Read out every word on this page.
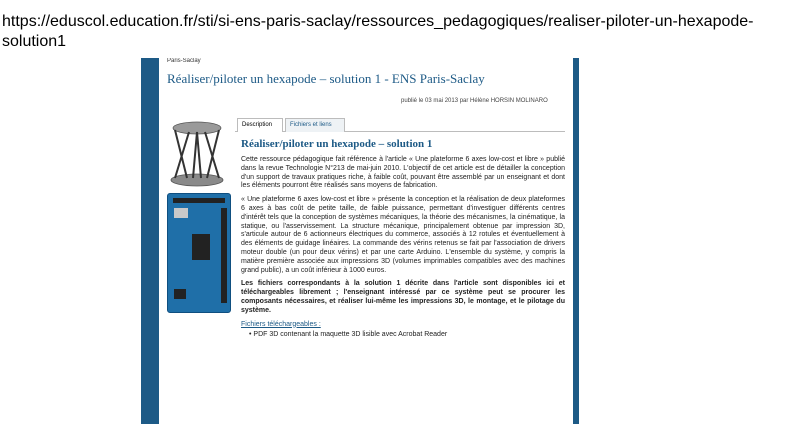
https://eduscol.education.fr/sti/si-ens-paris-saclay/ressources_pedagogiques/realiser-piloter-un-hexapode-solution1
Paris-Saclay
Réaliser/piloter un hexapode – solution 1 - ENS Paris-Saclay
publié le 03 mai 2013 par Hélène HORSIN MOLINARO
Description	Fichiers et liens
Réaliser/piloter un hexapode – solution 1

Cette ressource pédagogique fait référence à l'article « Une plateforme 6 axes low-cost et libre » publié dans la revue Technologie N°213 de mai-juin 2010. L'objectif de cet article est de détailler la conception d'un support de travaux pratiques riche, à faible coût, pouvant être assemblé par un enseignant et dont les éléments pourront être réalisés sans moyens de fabrication.

« Une plateforme 6 axes low-cost et libre » présente la conception et la réalisation de deux plateformes 6 axes à bas coût de petite taille, de faible puissance, permettant d'investiguer différents centres d'intérêt tels que la conception de systèmes mécaniques, la théorie des mécanismes, la cinématique, la statique, ou l'asservissement. La structure mécanique, principalement obtenue par impression 3D, s'articule autour de 6 actionneurs électriques du commerce, associés à 12 rotules et éventuellement à des éléments de guidage linéaires. La commande des vérins retenus se fait par l'association de drivers moteur double (un pour deux vérins) et par une carte Arduino. L'ensemble du système, y compris la matière première associée aux impressions 3D (volumes imprimables compatibles avec des machines grand public), a un coût inférieur à 1000 euros.

Les fichiers correspondants à la solution 1 décrite dans l'article sont disponibles ici et téléchargeables librement ; l'enseignant intéressé par ce système peut se procurer les composants nécessaires, et réaliser lui-même les impressions 3D, le montage, et le pilotage du système.

Fichiers téléchargeables :
• PDF 3D contenant la maquette 3D lisible avec Acrobat Reader
